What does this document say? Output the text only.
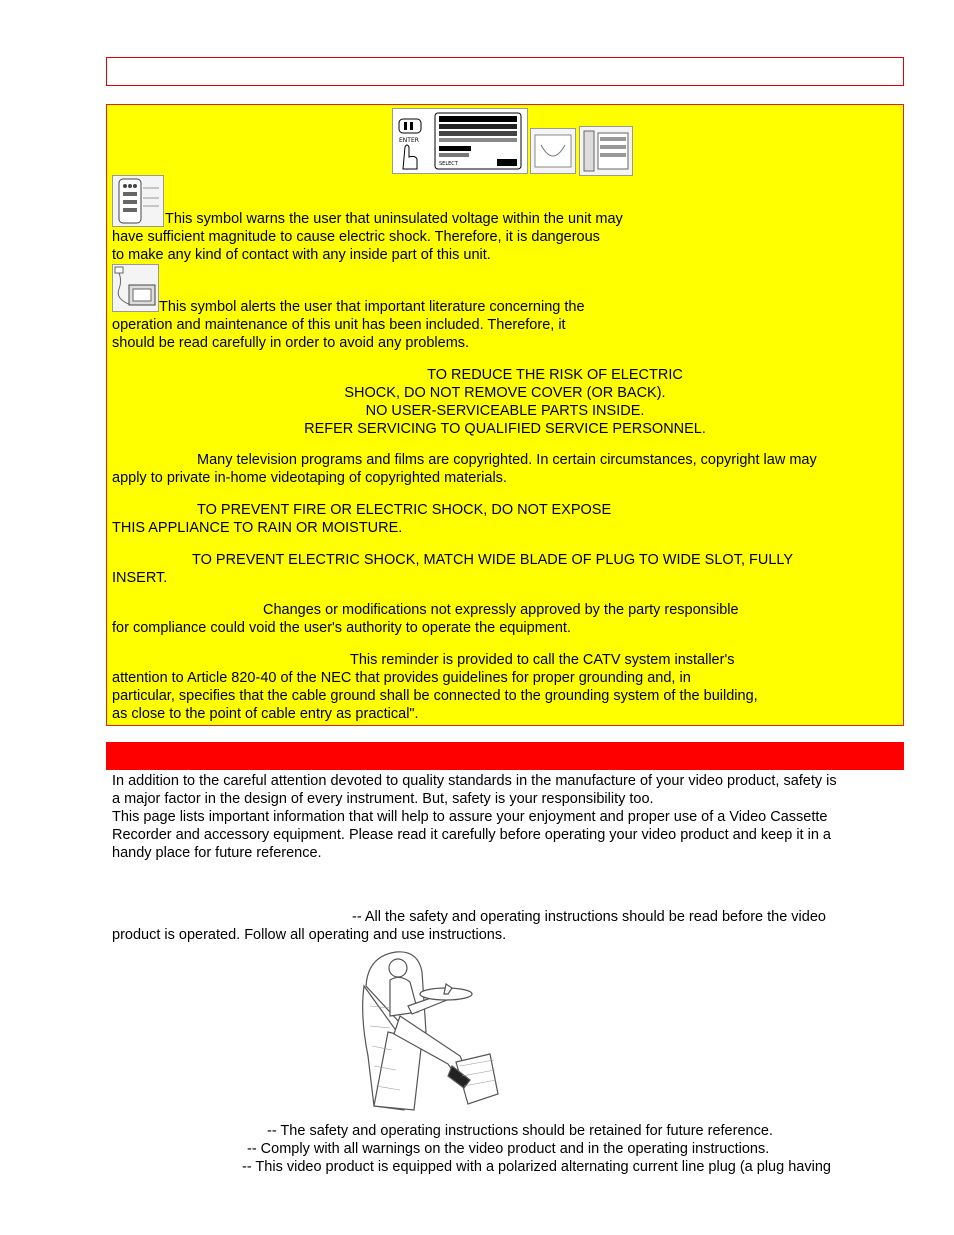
ENTER
SELECT
This symbol warns the user that uninsulated voltage within the unit may
have sufficient magnitude to cause electric shock. Therefore, it is dangerous
to make any kind of contact with any inside part of this unit.
This symbol alerts the user that important literature concerning the
operation and maintenance of this unit has been included. Therefore, it
should be read carefully in order to avoid any problems.
TO REDUCE THE RISK OF ELECTRIC
SHOCK, DO NOT REMOVE COVER (OR BACK).
NO USER-SERVICEABLE PARTS INSIDE.
REFER SERVICING TO QUALIFIED SERVICE PERSONNEL.
Many television programs and films are copyrighted. In certain circumstances, copyright law may
apply to private in-home videotaping of copyrighted materials.
TO PREVENT FIRE OR ELECTRIC SHOCK, DO NOT EXPOSE
THIS APPLIANCE TO RAIN OR MOISTURE.
TO PREVENT ELECTRIC SHOCK, MATCH WIDE BLADE OF PLUG TO WIDE SLOT, FULLY
INSERT.
Changes or modifications not expressly approved by the party responsible
for compliance could void the user's authority to operate the equipment.
This reminder is provided to call the CATV system installer's
attention to Article 820-40 of the NEC that provides guidelines for proper grounding and, in
particular, specifies that the cable ground shall be connected to the grounding system of the building,
as close to the point of cable entry as practical".
In addition to the careful attention devoted to quality standards in the manufacture of your video product, safety is
a major factor in the design of every instrument. But, safety is your responsibility too.
This page lists important information that will help to assure your enjoyment and proper use of a Video Cassette
Recorder and accessory equipment. Please read it carefully before operating your video product and keep it in a
handy place for future reference.
-- All the safety and operating instructions should be read before the video
product is operated. Follow all operating and use instructions.
-- The safety and operating instructions should be retained for future reference.
-- Comply with all warnings on the video product and in the operating instructions.
-- This video product is equipped with a polarized alternating current line plug (a plug having
